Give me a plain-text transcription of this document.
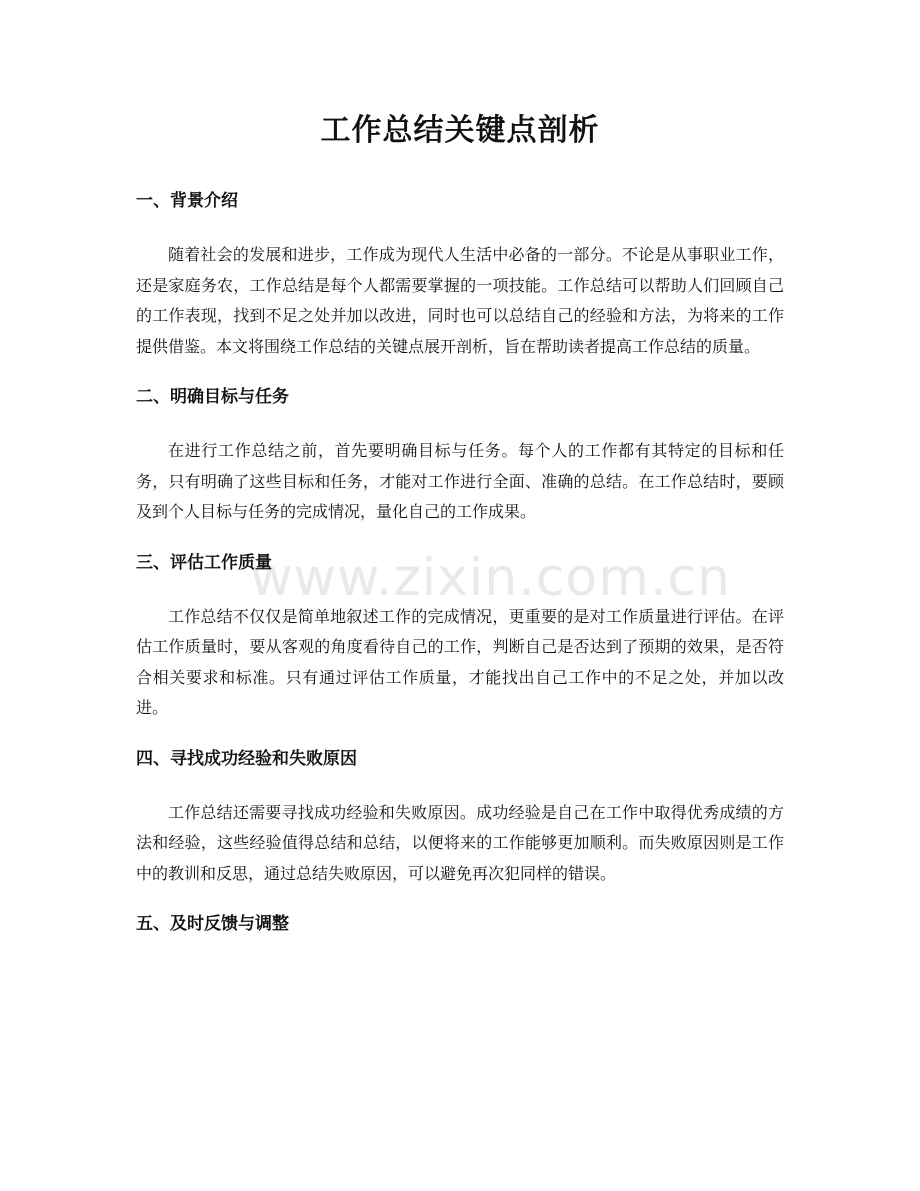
www.zixin.com.cn
工作总结关键点剖析
一、背景介绍

随着社会的发展和进步，工作成为现代人生活中必备的一部分。不论是从事职业工作，还是家庭务农，工作总结是每个人都需要掌握的一项技能。工作总结可以帮助人们回顾自己的工作表现，找到不足之处并加以改进，同时也可以总结自己的经验和方法，为将来的工作提供借鉴。本文将围绕工作总结的关键点展开剖析，旨在帮助读者提高工作总结的质量。

二、明确目标与任务

在进行工作总结之前，首先要明确目标与任务。每个人的工作都有其特定的目标和任务，只有明确了这些目标和任务，才能对工作进行全面、准确的总结。在工作总结时，要顾及到个人目标与任务的完成情况，量化自己的工作成果。

三、评估工作质量

工作总结不仅仅是简单地叙述工作的完成情况，更重要的是对工作质量进行评估。在评估工作质量时，要从客观的角度看待自己的工作，判断自己是否达到了预期的效果，是否符合相关要求和标准。只有通过评估工作质量，才能找出自己工作中的不足之处，并加以改进。

四、寻找成功经验和失败原因

工作总结还需要寻找成功经验和失败原因。成功经验是自己在工作中取得优秀成绩的方法和经验，这些经验值得总结和总结，以便将来的工作能够更加顺利。而失败原因则是工作中的教训和反思，通过总结失败原因，可以避免再次犯同样的错误。

五、及时反馈与调整
